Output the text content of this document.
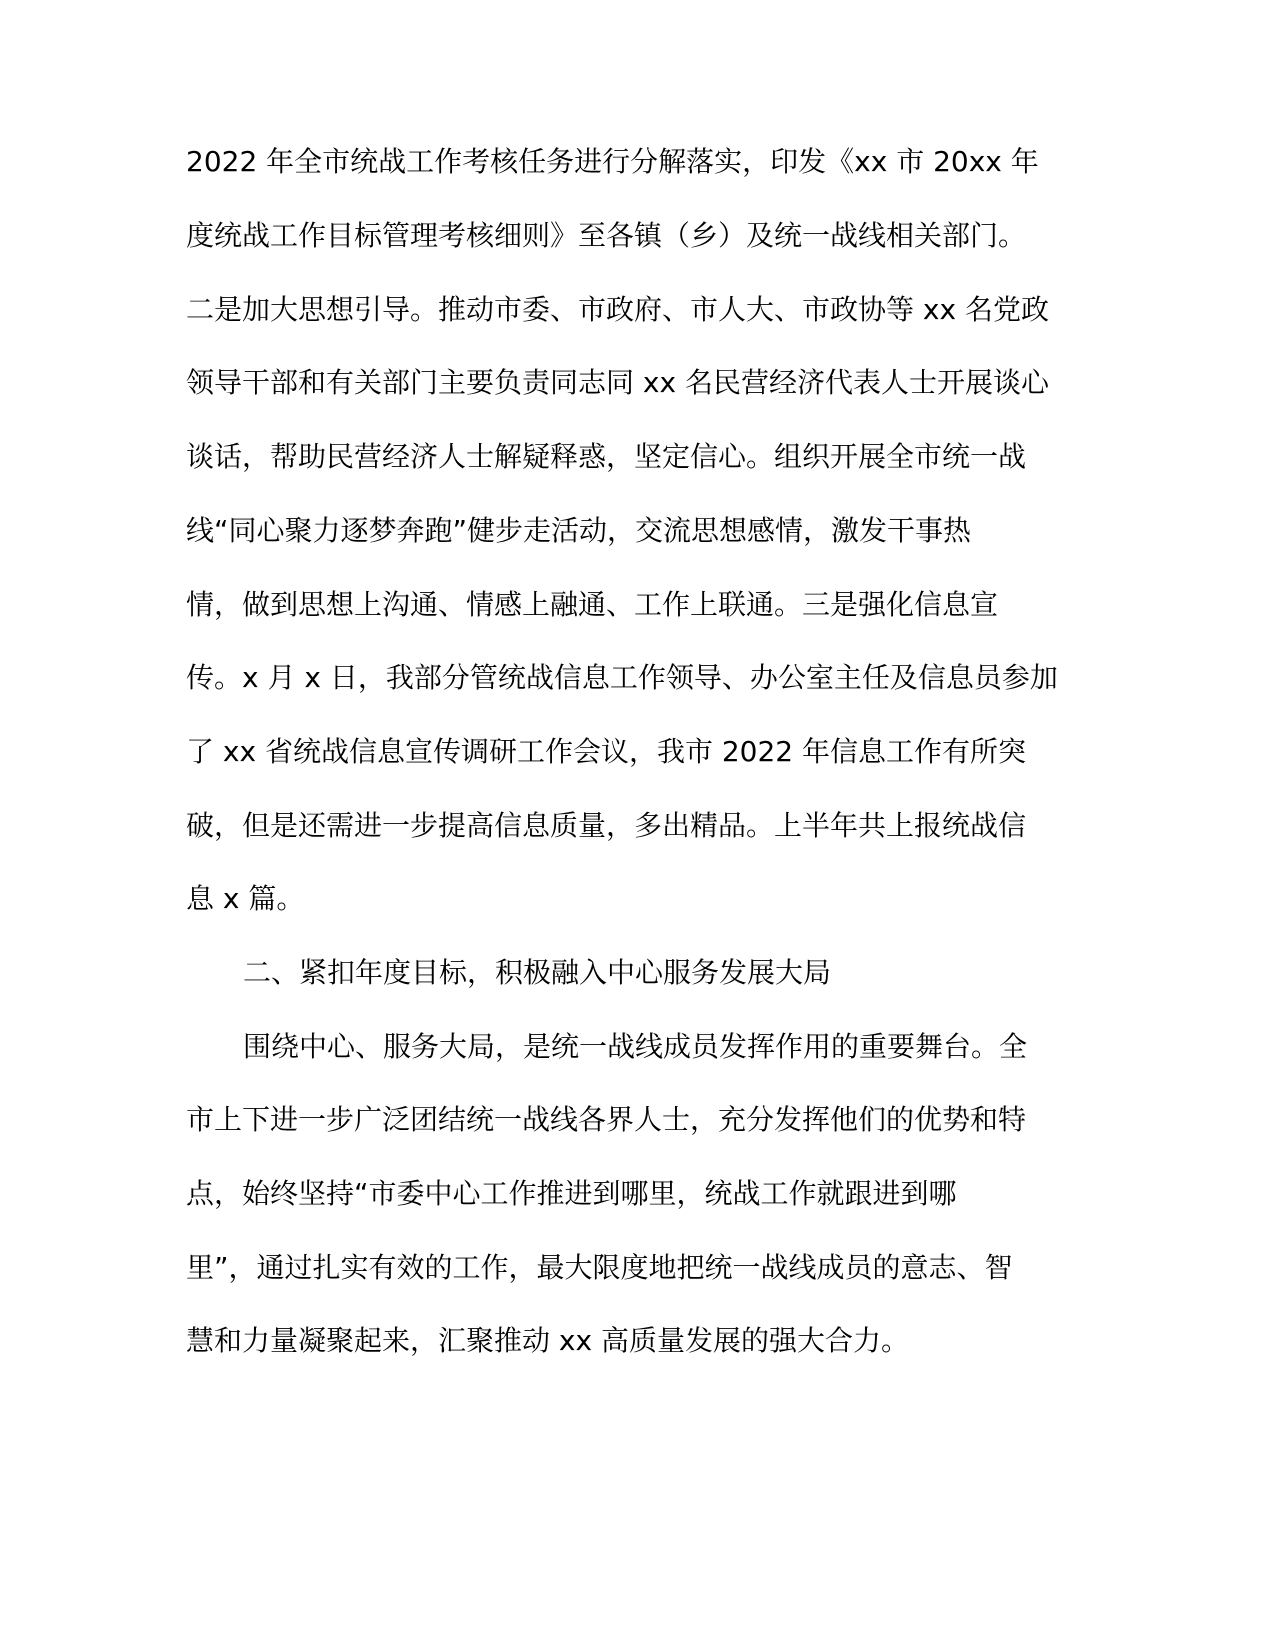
2022 年全市统战工作考核任务进行分解落实，印发《xx 市 20xx 年
度统战工作目标管理考核细则》至各镇（乡）及统一战线相关部门。
二是加大思想引导。推动市委、市政府、市人大、市政协等 xx 名党政
领导干部和有关部门主要负责同志同 xx 名民营经济代表人士开展谈心
谈话，帮助民营经济人士解疑释惑，坚定信心。组织开展全市统一战
线“同心聚力逐梦奔跑”健步走活动，交流思想感情，激发干事热
情，做到思想上沟通、情感上融通、工作上联通。三是强化信息宣
传。x 月 x 日，我部分管统战信息工作领导、办公室主任及信息员参加
了 xx 省统战信息宣传调研工作会议，我市 2022 年信息工作有所突
破，但是还需进一步提高信息质量，多出精品。上半年共上报统战信
息 x 篇。
二、紧扣年度目标，积极融入中心服务发展大局
围绕中心、服务大局，是统一战线成员发挥作用的重要舞台。全
市上下进一步广泛团结统一战线各界人士，充分发挥他们的优势和特
点，始终坚持“市委中心工作推进到哪里，统战工作就跟进到哪
里”，通过扎实有效的工作，最大限度地把统一战线成员的意志、智
慧和力量凝聚起来，汇聚推动 xx 高质量发展的强大合力。
